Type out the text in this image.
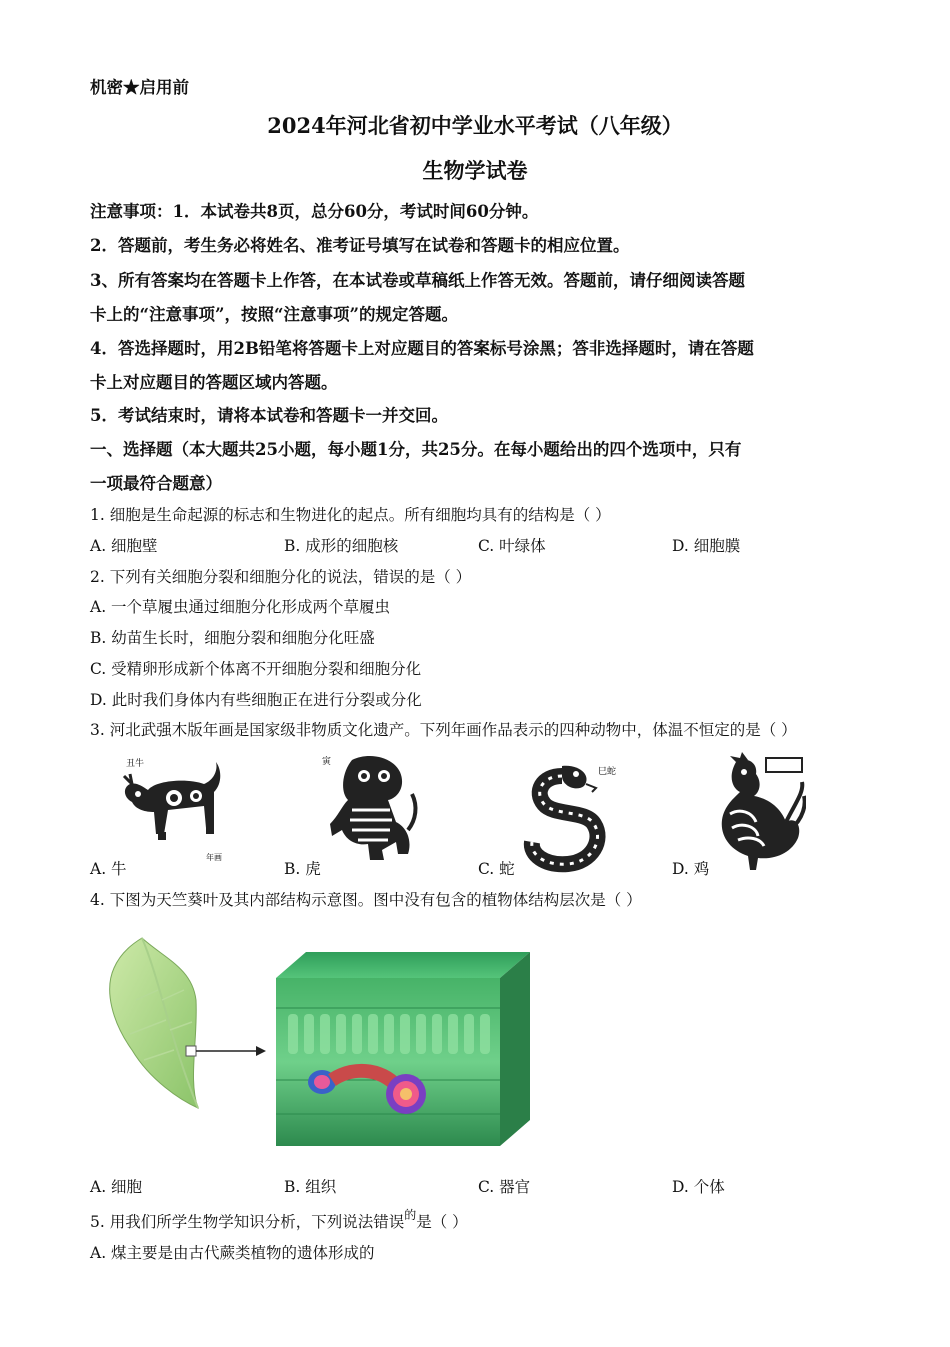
机密★启用前
2024年河北省初中学业水平考试（八年级）
生物学试卷
注意事项：1．本试卷共8页，总分60分，考试时间60分钟。
2．答题前，考生务必将姓名、准考证号填写在试卷和答题卡的相应位置。
3、所有答案均在答题卡上作答，在本试卷或草稿纸上作答无效。答题前，请仔细阅读答题
卡上的“注意事项”，按照“注意事项”的规定答题。
4．答选择题时，用2B铅笔将答题卡上对应题目的答案标号涂黑；答非选择题时，请在答题
卡上对应题目的答题区域内答题。
5．考试结束时，请将本试卷和答题卡一并交回。
一、选择题（本大题共25小题，每小题1分，共25分。在每小题给出的四个选项中，只有
一项最符合题意）
1. 细胞是生命起源的标志和生物进化的起点。所有细胞均具有的结构是（ ）
A. 细胞壁	B. 成形的细胞核	C. 叶绿体	D. 细胞膜
2. 下列有关细胞分裂和细胞分化的说法，错误的是（ ）
A. 一个草履虫通过细胞分化形成两个草履虫
B. 幼苗生长时，细胞分裂和细胞分化旺盛
C. 受精卵形成新个体离不开细胞分裂和细胞分化
D. 此时我们身体内有些细胞正在进行分裂或分化
3. 河北武强木版年画是国家级非物质文化遗产。下列年画作品表示的四种动物中，体温不恒定的是（ ）
丑牛
年画
寅
巳蛇
A. 牛	B. 虎	C. 蛇	D. 鸡
4. 下图为天竺葵叶及其内部结构示意图。图中没有包含的植物体结构层次是（ ）
A. 细胞	B. 组织	C. 器官	D. 个体
5. 用我们所学生物学知识分析，下列说法错误$^的$是（ ）
A. 煤主要是由古代蕨类植物的遗体形成的
